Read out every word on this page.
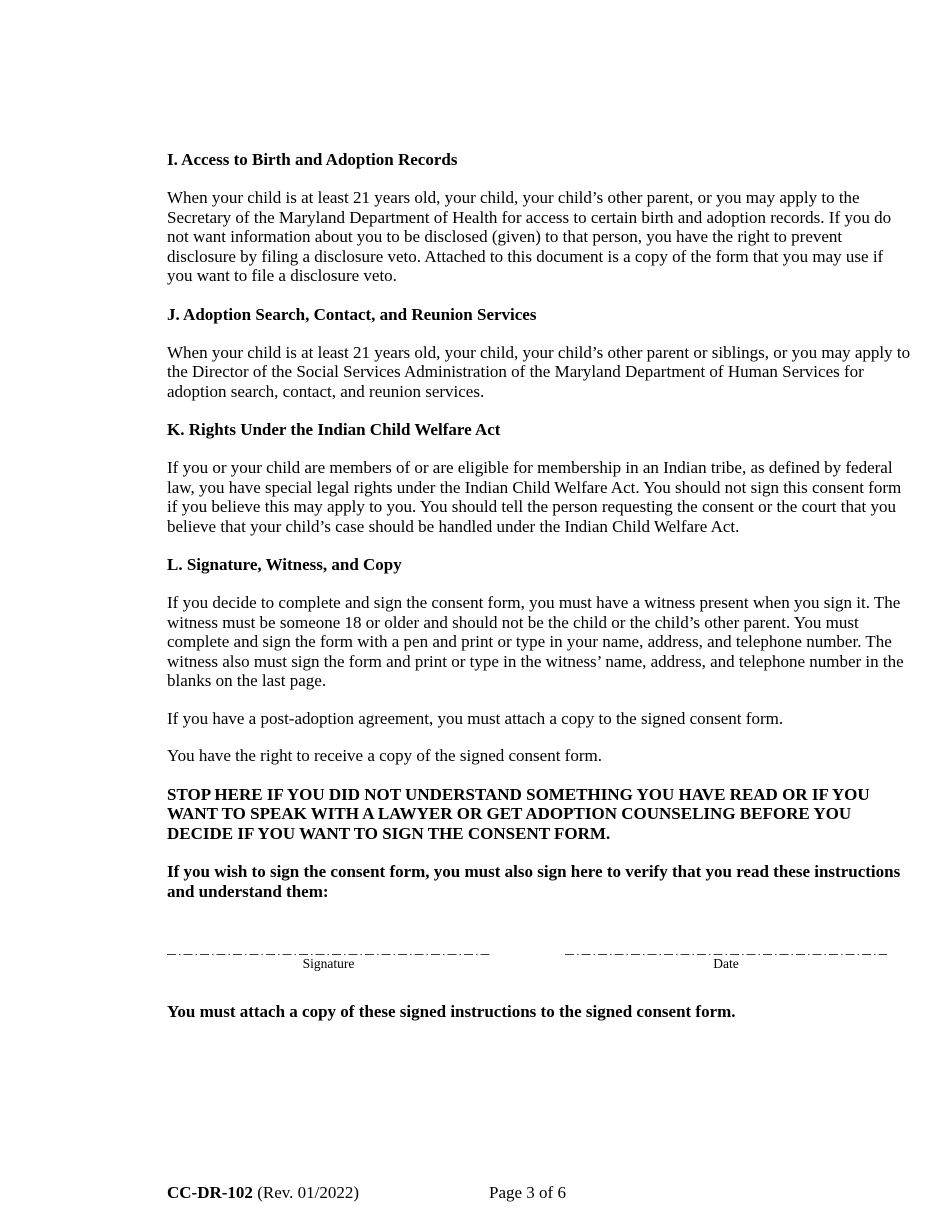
I. Access to Birth and Adoption Records

When your child is at least 21 years old, your child, your child’s other parent, or you may apply to the Secretary of the Maryland Department of Health for access to certain birth and adoption records. If you do not want information about you to be disclosed (given) to that person, you have the right to prevent disclosure by filing a disclosure veto. Attached to this document is a copy of the form that you may use if you want to file a disclosure veto.

J. Adoption Search, Contact, and Reunion Services

When your child is at least 21 years old, your child, your child’s other parent or siblings, or you may apply to the Director of the Social Services Administration of the Maryland Department of Human Services for adoption search, contact, and reunion services.

K. Rights Under the Indian Child Welfare Act

If you or your child are members of or are eligible for membership in an Indian tribe, as defined by federal law, you have special legal rights under the Indian Child Welfare Act. You should not sign this consent form if you believe this may apply to you. You should tell the person requesting the consent or the court that you believe that your child’s case should be handled under the Indian Child Welfare Act.

L. Signature, Witness, and Copy

If you decide to complete and sign the consent form, you must have a witness present when you sign it. The witness must be someone 18 or older and should not be the child or the child’s other parent. You must complete and sign the form with a pen and print or type in your name, address, and telephone number. The witness also must sign the form and print or type in the witness’ name, address, and telephone number in the blanks on the last page.

If you have a post-adoption agreement, you must attach a copy to the signed consent form.

You have the right to receive a copy of the signed consent form.

STOP HERE IF YOU DID NOT UNDERSTAND SOMETHING YOU HAVE READ OR IF YOU WANT TO SPEAK WITH A LAWYER OR GET ADOPTION COUNSELING BEFORE YOU DECIDE IF YOU WANT TO SIGN THE CONSENT FORM.

If you wish to sign the consent form, you must also sign here to verify that you read these instructions and understand them:

Signature	Date

You must attach a copy of these signed instructions to the signed consent form.

CC-DR-102 (Rev. 01/2022)	Page 3 of 6
